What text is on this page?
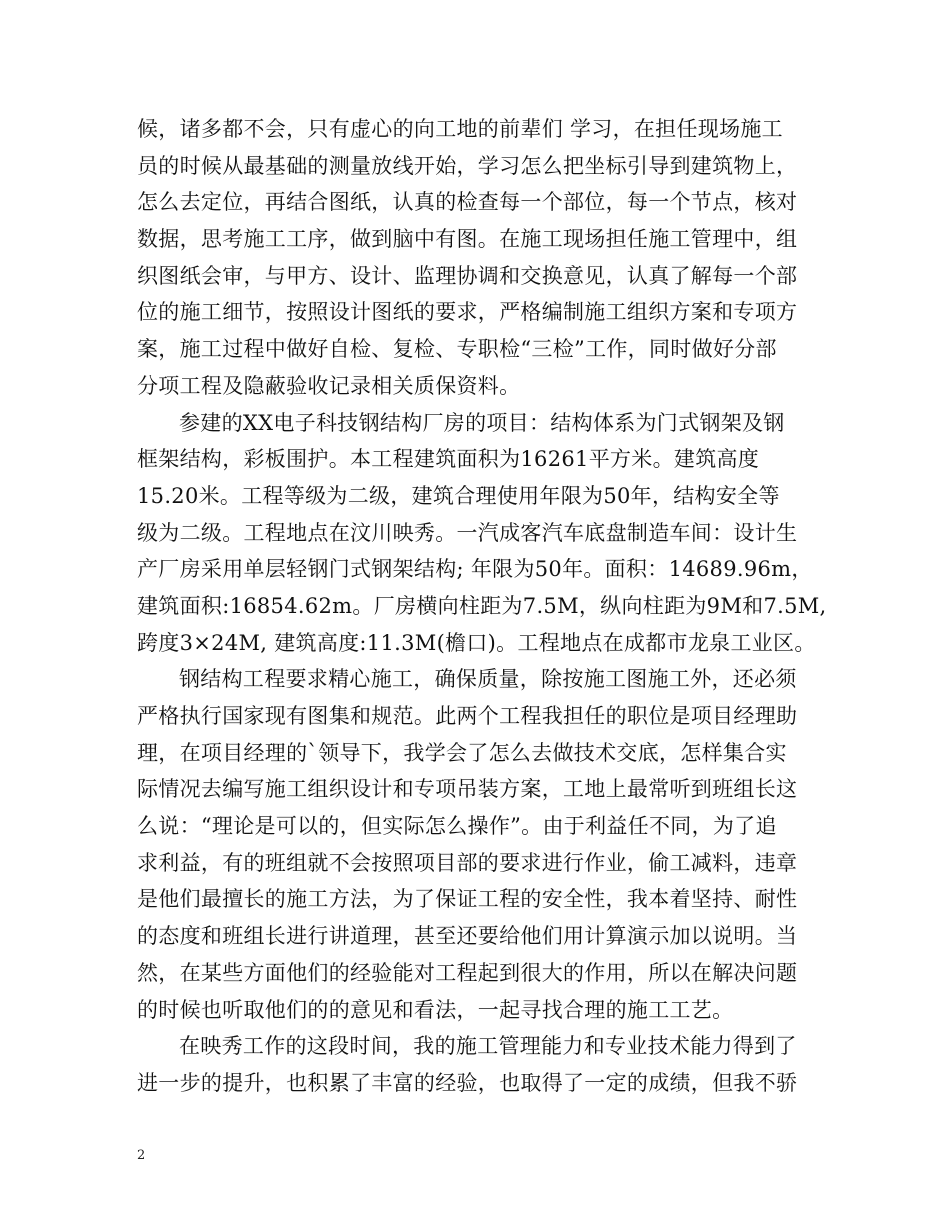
候，诸多都不会，只有虚心的向工地的前辈们 学习，在担任现场施工
员的时候从最基础的测量放线开始，学习怎么把坐标引导到建筑物上，
怎么去定位，再结合图纸，认真的检查每一个部位，每一个节点，核对
数据，思考施工工序，做到脑中有图。在施工现场担任施工管理中，组
织图纸会审，与甲方、设计、监理协调和交换意见，认真了解每一个部
位的施工细节，按照设计图纸的要求，严格编制施工组织方案和专项方
案，施工过程中做好自检、复检、专职检“三检”工作，同时做好分部
分项工程及隐蔽验收记录相关质保资料。
参建的XX电子科技钢结构厂房的项目：结构体系为门式钢架及钢
框架结构，彩板围护。本工程建筑面积为16261平方米。建筑高度
15.20米。工程等级为二级，建筑合理使用年限为50年，结构安全等
级为二级。工程地点在汶川映秀。一汽成客汽车底盘制造车间：设计生
产厂房采用单层轻钢门式钢架结构; 年限为50年。面积：14689.96m，
建筑面积:16854.62m。厂房横向柱距为7.5M，纵向柱距为9M和7.5M,
跨度3×24M, 建筑高度:11.3M(檐口)。工程地点在成都市龙泉工业区。
钢结构工程要求精心施工，确保质量，除按施工图施工外，还必须
严格执行国家现有图集和规范。此两个工程我担任的职位是项目经理助
理，在项目经理的`领导下，我学会了怎么去做技术交底，怎样集合实
际情况去编写施工组织设计和专项吊装方案，工地上最常听到班组长这
么说：“理论是可以的，但实际怎么操作”。由于利益任不同，为了追
求利益，有的班组就不会按照项目部的要求进行作业，偷工减料，违章
是他们最擅长的施工方法，为了保证工程的安全性，我本着坚持、耐性
的态度和班组长进行讲道理，甚至还要给他们用计算演示加以说明。当
然，在某些方面他们的经验能对工程起到很大的作用，所以在解决问题
的时候也听取他们的的意见和看法，一起寻找合理的施工工艺。
在映秀工作的这段时间，我的施工管理能力和专业技术能力得到了
进一步的提升，也积累了丰富的经验，也取得了一定的成绩，但我不骄
2
